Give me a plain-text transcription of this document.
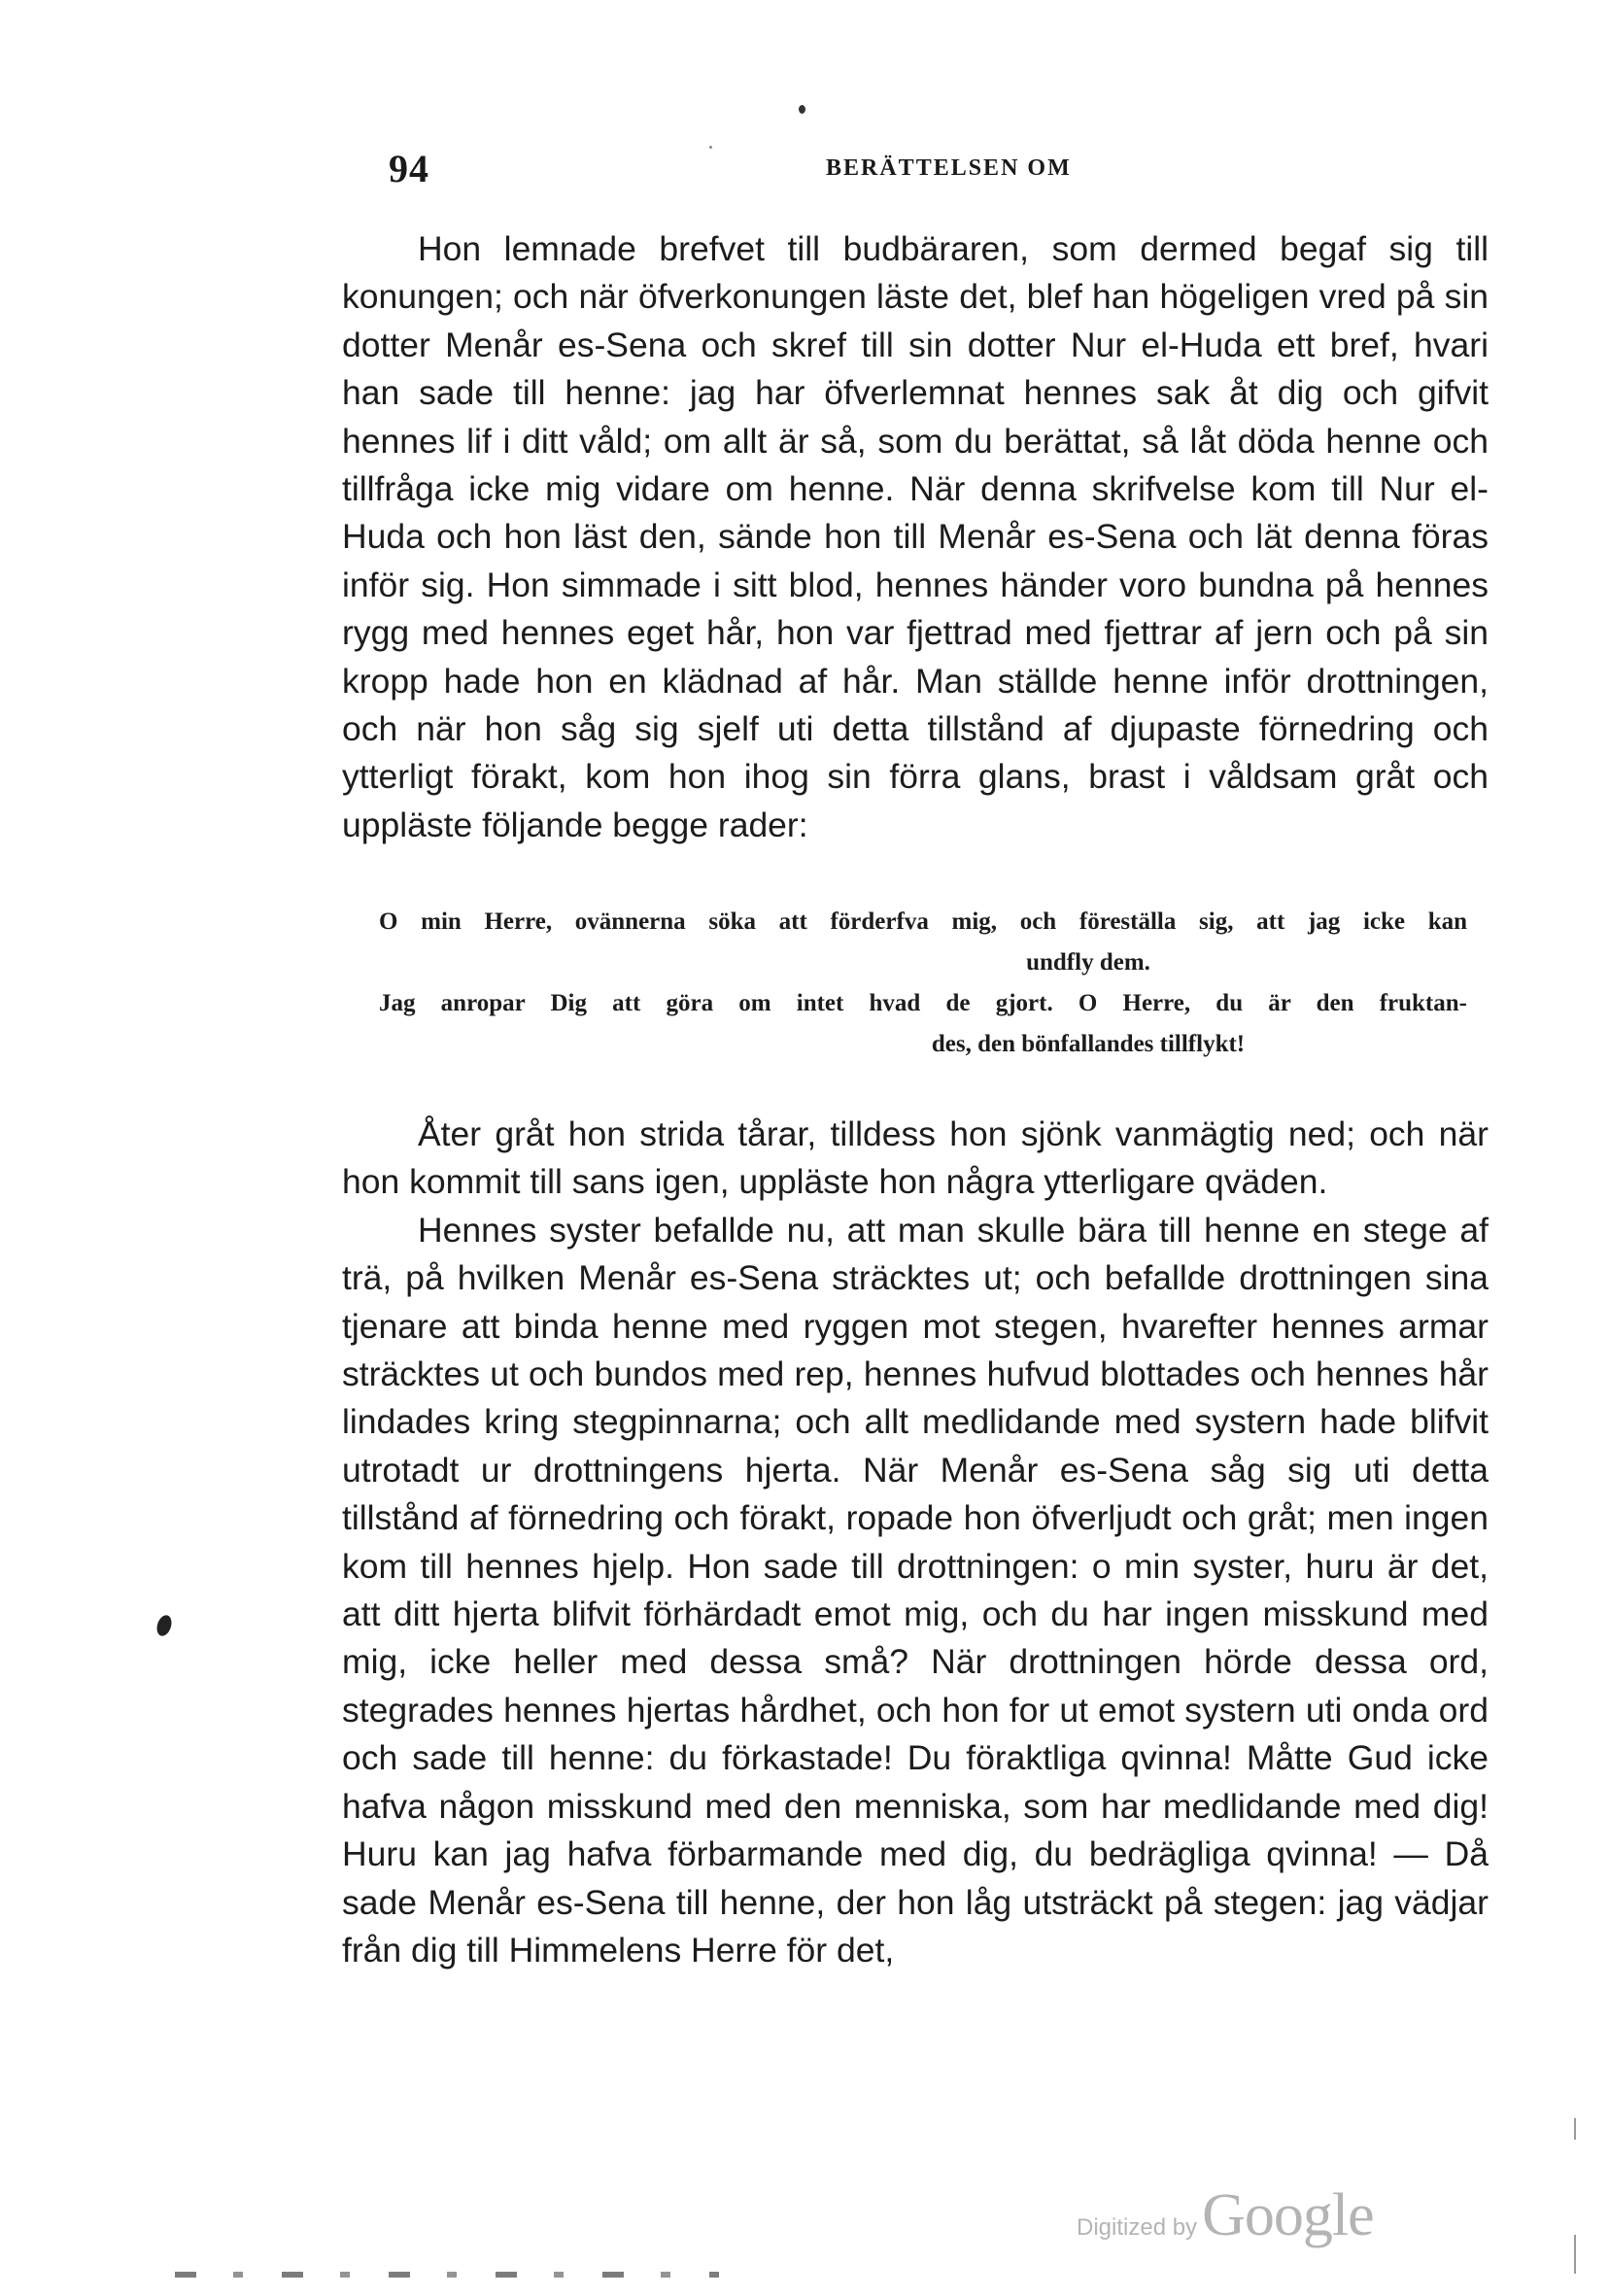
94	BERÄTTELSEN OM

Hon lemnade brefvet till budbäraren, som dermed begaf sig till konungen; och när öfverkonungen läste det, blef han högeligen vred på sin dotter Menår es-Sena och skref till sin dotter Nur el-Huda ett bref, hvari han sade till henne: jag har öfverlemnat hennes sak åt dig och gifvit hennes lif i ditt våld; om allt är så, som du berättat, så låt döda henne och tillfråga icke mig vidare om henne. När denna skrifvelse kom till Nur el-Huda och hon läst den, sände hon till Menår es-Sena och lät denna föras inför sig. Hon simmade i sitt blod, hennes händer voro bundna på hennes rygg med hennes eget hår, hon var fjettrad med fjettrar af jern och på sin kropp hade hon en klädnad af hår. Man ställde henne inför drottningen, och när hon såg sig sjelf uti detta tillstånd af djupaste förnedring och ytterligt förakt, kom hon ihog sin förra glans, brast i våldsam gråt och uppläste följande begge rader:

O min Herre, ovännerna söka att förderfva mig, och föreställa sig, att jag icke kan
undfly dem.
Jag anropar Dig att göra om intet hvad de gjort. O Herre, du är den fruktan-
des, den bönfallandes tillflykt!

Åter gråt hon strida tårar, tilldess hon sjönk vanmägtig ned; och när hon kommit till sans igen, uppläste hon några ytterligare qväden.

Hennes syster befallde nu, att man skulle bära till henne en stege af trä, på hvilken Menår es-Sena sträcktes ut; och befallde drottningen sina tjenare att binda henne med ryggen mot stegen, hvarefter hennes armar sträcktes ut och bundos med rep, hennes hufvud blottades och hennes hår lindades kring stegpinnarna; och allt medlidande med systern hade blifvit utrotadt ur drottningens hjerta. När Menår es-Sena såg sig uti detta tillstånd af förnedring och förakt, ropade hon öfverljudt och gråt; men ingen kom till hennes hjelp. Hon sade till drottningen: o min syster, huru är det, att ditt hjerta blifvit förhärdadt emot mig, och du har ingen misskund med mig, icke heller med dessa små? När drottningen hörde dessa ord, stegrades hennes hjertas hårdhet, och hon for ut emot systern uti onda ord och sade till henne: du förkastade! Du föraktliga qvinna! Måtte Gud icke hafva någon misskund med den menniska, som har medlidande med dig! Huru kan jag hafva förbarmande med dig, du bedrägliga qvinna! — Då sade Menår es-Sena till henne, der hon låg utsträckt på stegen: jag vädjar från dig till Himmelens Herre för det,

Digitized by Google
